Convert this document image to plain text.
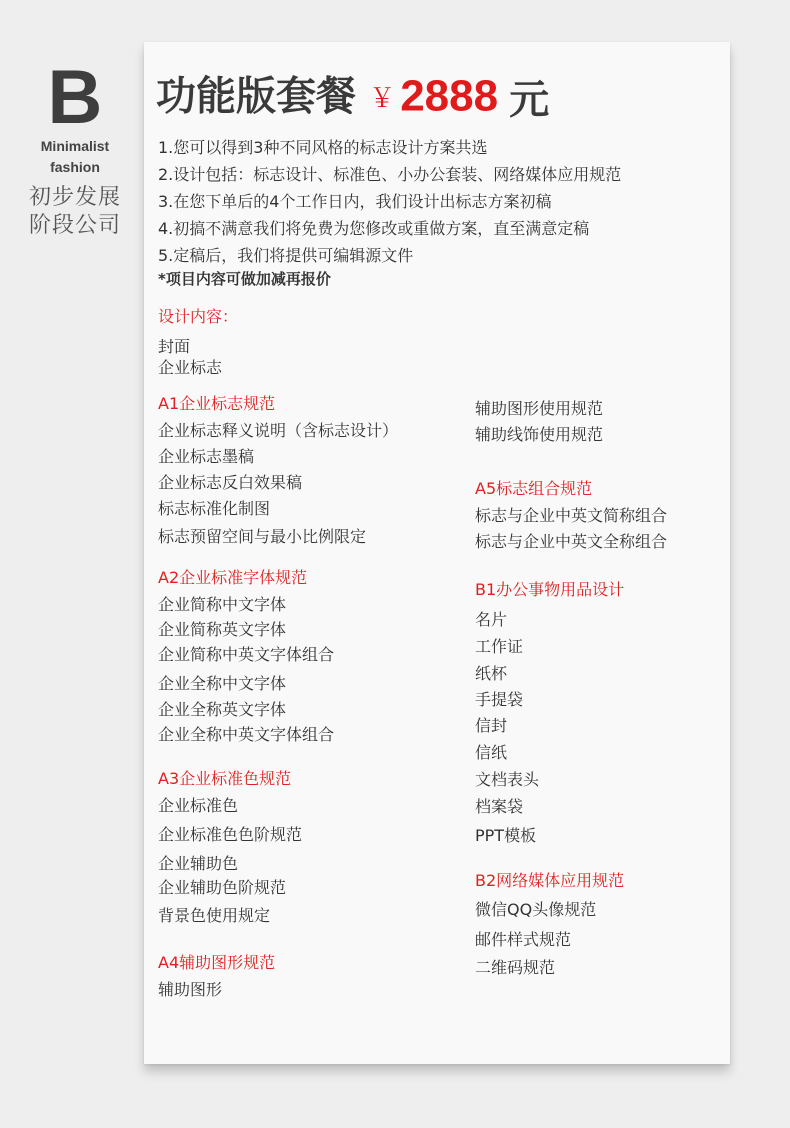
B
Minimalist
fashion
初步发展
阶段公司
功能版套餐 ￥ 2888 元
1.您可以得到3种不同风格的标志设计方案共选
2.设计包括：标志设计、标准色、小办公套装、网络媒体应用规范
3.在您下单后的4个工作日内，我们设计出标志方案初稿
4.初搞不满意我们将免费为您修改或重做方案，直至满意定稿
5.定稿后，我们将提供可编辑源文件
*项目内容可做加减再报价
设计内容：
封面
企业标志
A1企业标志规范
企业标志释义说明（含标志设计）
企业标志墨稿
企业标志反白效果稿
标志标准化制图
标志预留空间与最小比例限定
A2企业标准字体规范
企业简称中文字体
企业简称英文字体
企业简称中英文字体组合
企业全称中文字体
企业全称英文字体
企业全称中英文字体组合
A3企业标准色规范
企业标准色
企业标准色色阶规范
企业辅助色
企业辅助色阶规范
背景色使用规定
A4辅助图形规范
辅助图形
辅助图形使用规范
辅助线饰使用规范
A5标志组合规范
标志与企业中英文简称组合
标志与企业中英文全称组合
B1办公事物用品设计
名片
工作证
纸杯
手提袋
信封
信纸
文档表头
档案袋
PPT模板
B2网络媒体应用规范
微信QQ头像规范
邮件样式规范
二维码规范
